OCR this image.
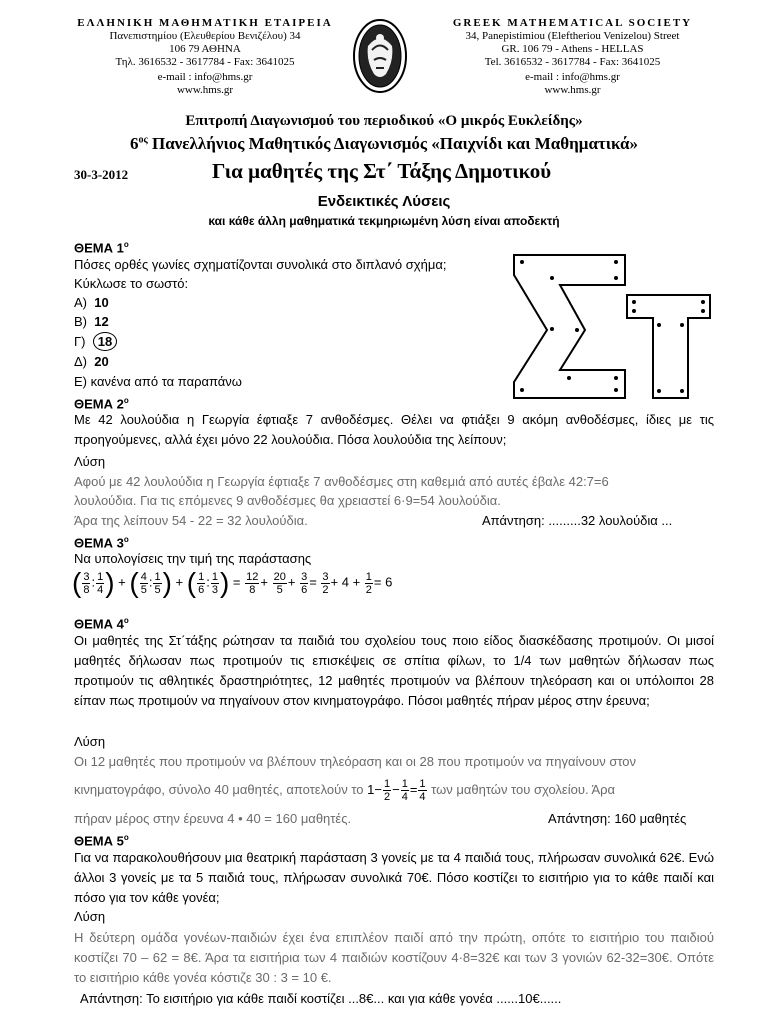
ΕΛΛΗΝΙΚΗ ΜΑΘΗΜΑΤΙΚΗ ΕΤΑΙΡΕΙΑ
Πανεπιστημίου (Ελευθερίου Βενιζέλου) 34
106 79 ΑΘΗΝΑ
Τηλ. 3616532 - 3617784 - Fax: 3641025
e-mail : info@hms.gr
www.hms.gr
GREEK MATHEMATICAL SOCIETY
34, Panepistimiou (Eleftheriou Venizelou) Street
GR. 106 79 - Athens - HELLAS
Tel. 3616532 - 3617784 - Fax: 3641025
e-mail : info@hms.gr
www.hms.gr
Επιτροπή Διαγωνισμού του περιοδικού «Ο μικρός Ευκλείδης»
$6^{o\varsigma}$ Πανελλήνιος Μαθητικός Διαγωνισμός «Παιχνίδι και Μαθηματικά»
30-3-2012	Για μαθητές της Στ΄ Τάξης Δημοτικού
Ενδεικτικές Λύσεις
και κάθε άλλη μαθηματικά τεκμηριωμένη λύση είναι αποδεκτή
ΘΕΜΑ $1^o$
Πόσες ορθές γωνίες σχηματίζονται συνολικά στο διπλανό σχήμα;
Κύκλωσε το σωστό:
Α) 10
Β) 12
Γ) 18
Δ) 20
Ε) κανένα από τα παραπάνω
ΘΕΜΑ $2^o$
Με 42 λουλούδια η Γεωργία έφτιαξε 7 ανθοδέσμες. Θέλει να φτιάξει 9 ακόμη ανθοδέσμες, ίδιες με τις προηγούμενες, αλλά έχει μόνο 22 λουλούδια. Πόσα λουλούδια της λείπουν;
Λύση
Αφού με 42 λουλούδια η Γεωργία έφτιαξε 7 ανθοδέσμες στη καθεμιά από αυτές έβαλε 42:7=6
λουλούδια. Για τις επόμενες 9 ανθοδέσμες θα χρειαστεί 6·9=54 λουλούδια.
Άρα της λείπουν 54 - 22 = 32 λουλούδια.	Απάντηση: .........32 λουλούδια ...
ΘΕΜΑ $3^o$
Να υπολογίσεις την τιμή της παράστασης
( $\frac{3}{8}$ : $\frac{1}{4}$ ) + ( $\frac{4}{5}$ : $\frac{1}{5}$ ) + ( $\frac{1}{6}$ : $\frac{1}{3}$ ) = $\frac{12}{8} + \frac{20}{5} + \frac{3}{6} = \frac{3}{2} + 4 + \frac{1}{2} = 6$
ΘΕΜΑ $4^o$
Οι μαθητές της Στ΄τάξης ρώτησαν τα παιδιά του σχολείου τους ποιο είδος διασκέδασης προτιμούν. Οι μισοί μαθητές δήλωσαν πως προτιμούν τις επισκέψεις σε σπίτια φίλων, το 1/4 των μαθητών δήλωσαν πως προτιμούν τις αθλητικές δραστηριότητες, 12 μαθητές προτιμούν να βλέπουν τηλεόραση και οι υπόλοιποι 28 είπαν πως προτιμούν να πηγαίνουν στον κινηματογράφο. Πόσοι μαθητές πήραν μέρος στην έρευνα;
Λύση
Οι 12 μαθητές που προτιμούν να βλέπουν τηλεόραση και οι 28 που προτιμούν να πηγαίνουν στον
κινηματογράφο, σύνολο 40 μαθητές, αποτελούν το $1- \frac{1}{2} - \frac{1}{4} = \frac{1}{4}$ των μαθητών του σχολείου. Άρα
πήραν μέρος στην έρευνα 4 • 40 = 160 μαθητές.	Απάντηση: 160 μαθητές
ΘΕΜΑ $5^o$
Για να παρακολουθήσουν μια θεατρική παράσταση 3 γονείς με τα 4 παιδιά τους, πλήρωσαν συνολικά 62€. Ενώ άλλοι 3 γονείς με τα 5 παιδιά τους, πλήρωσαν συνολικά 70€. Πόσο κοστίζει το εισιτήριο για το κάθε παιδί και πόσο για τον κάθε γονέα;
Λύση
Η δεύτερη ομάδα γονέων-παιδιών έχει ένα επιπλέον παιδί από την πρώτη, οπότε το εισιτήριο του παιδιού κοστίζει 70 – 62 = 8€. Άρα τα εισιτήρια των 4 παιδιών κοστίζουν 4·8=32€ και των 3 γονιών 62-32=30€. Οπότε το εισιτήριο κάθε γονέα κόστιζε 30 : 3 = 10 €.
Απάντηση: Το εισιτήριο για κάθε παιδί κοστίζει ...8€... και για κάθε γονέα ......10€......
